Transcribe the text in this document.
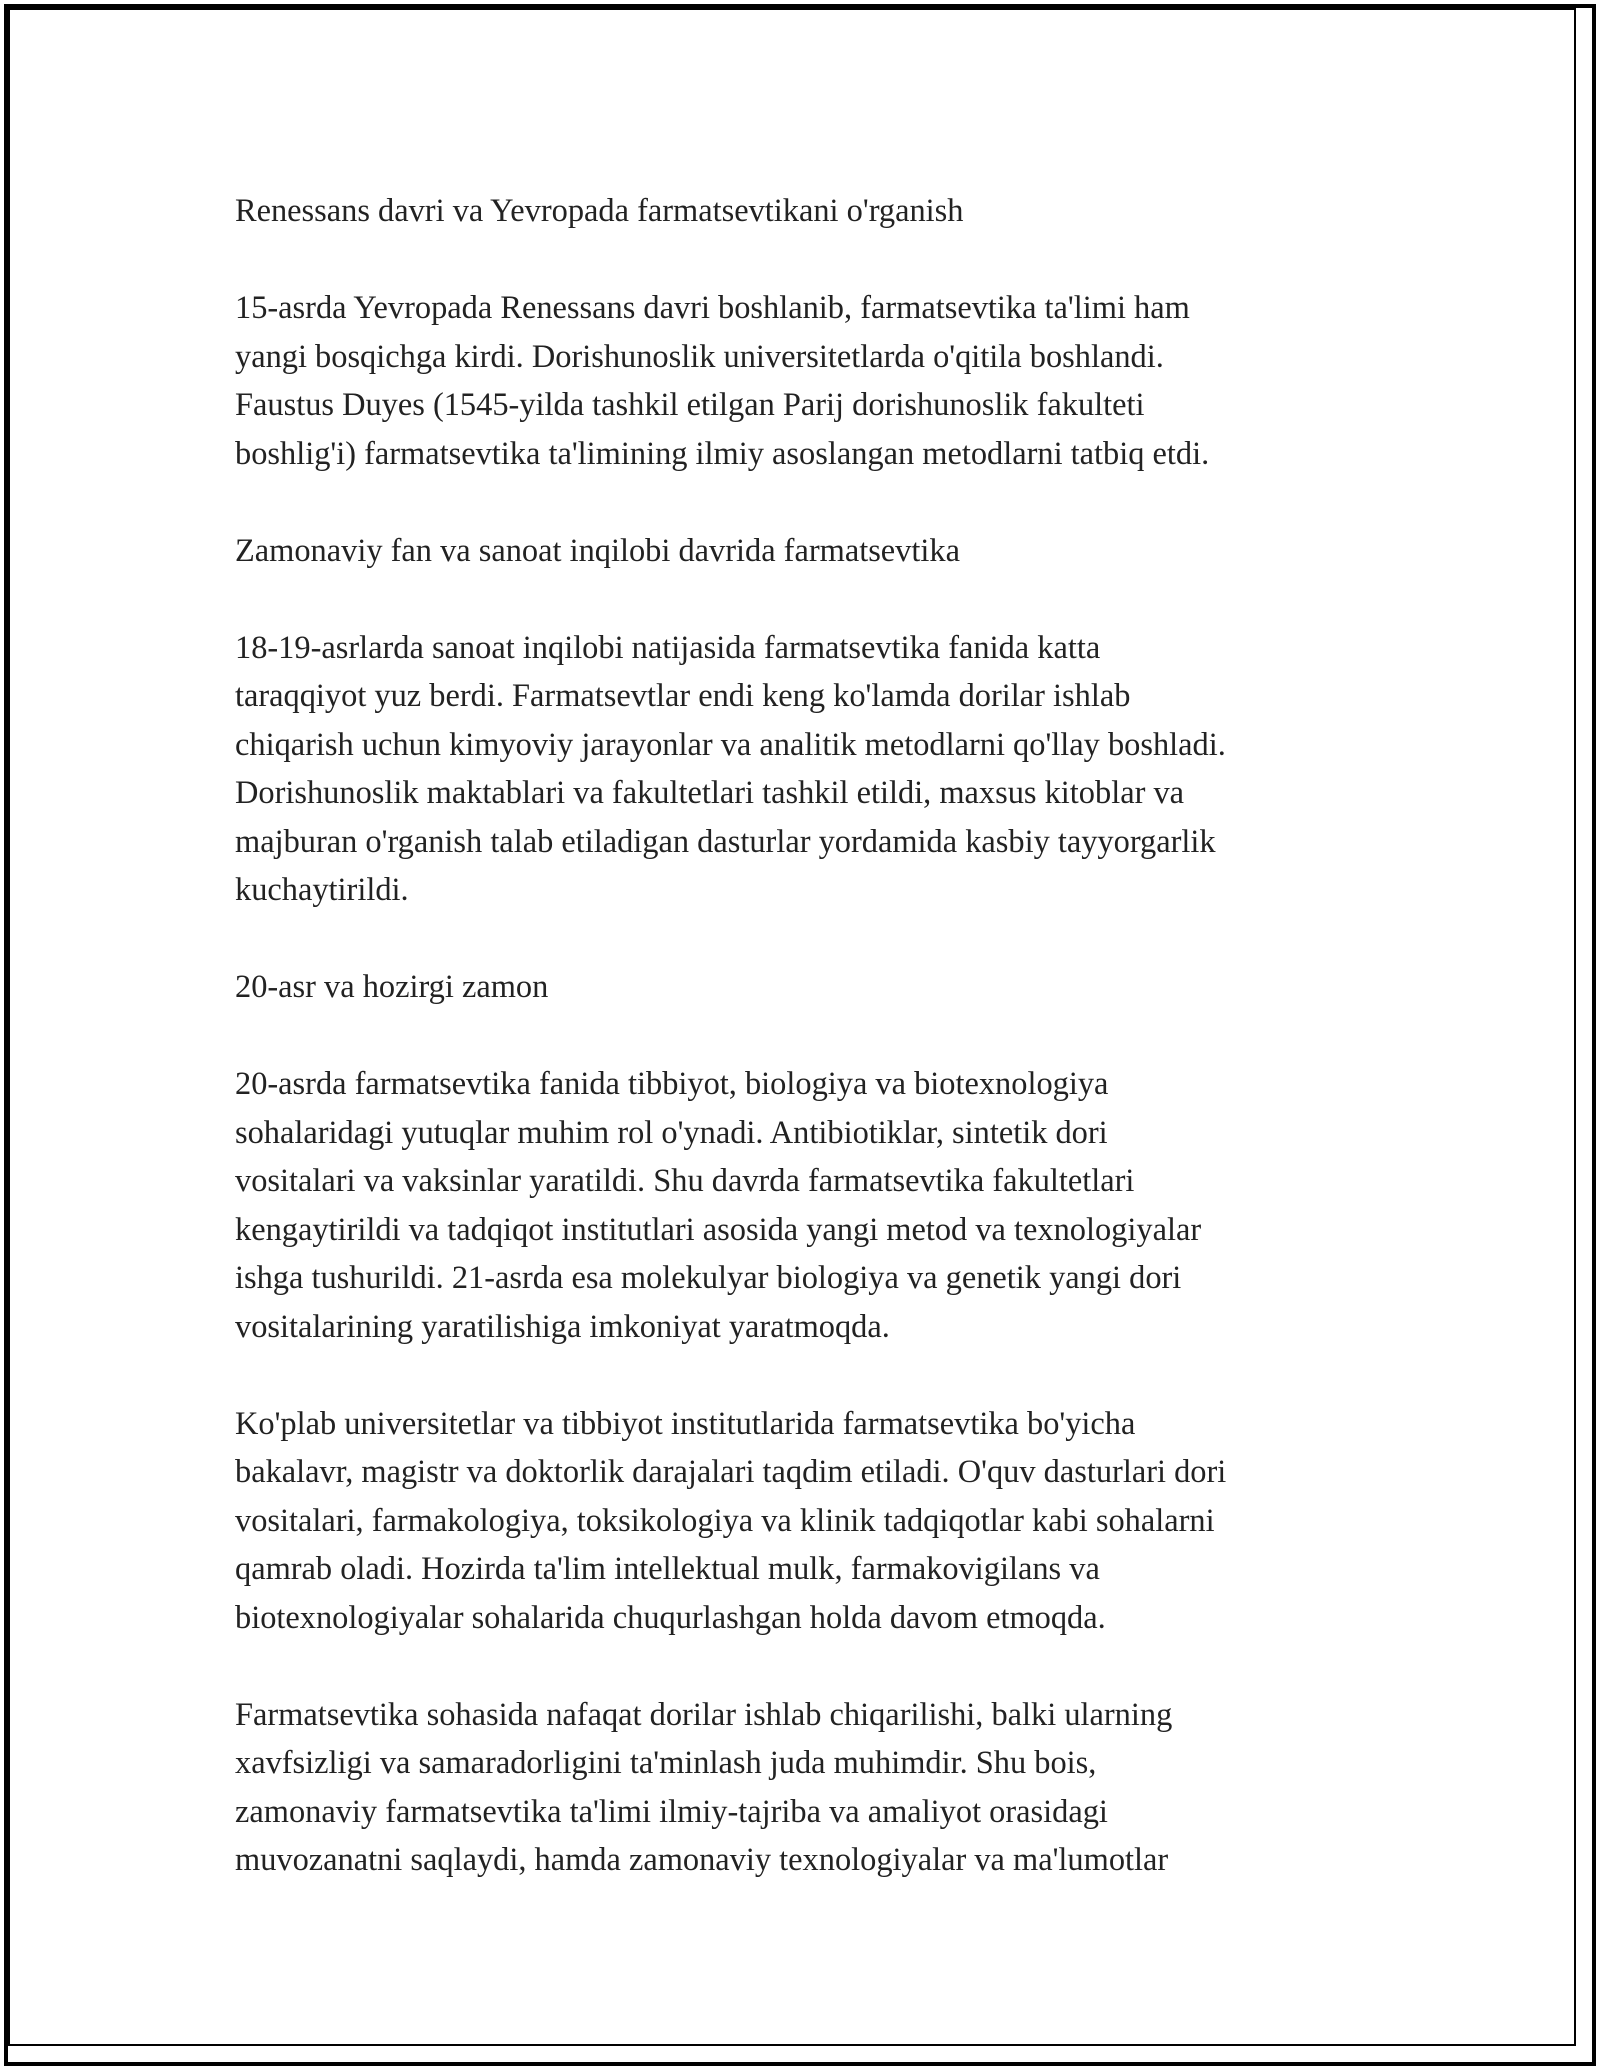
Renessans davri va Yevropada farmatsevtikani o'rganish

15-asrda Yevropada Renessans davri boshlanib, farmatsevtika ta'limi ham
yangi bosqichga kirdi. Dorishunoslik universitetlarda o'qitila boshlandi.
Faustus Duyes (1545-yilda tashkil etilgan Parij dorishunoslik fakulteti
boshlig'i) farmatsevtika ta'limining ilmiy asoslangan metodlarni tatbiq etdi.

Zamonaviy fan va sanoat inqilobi davrida farmatsevtika

18-19-asrlarda sanoat inqilobi natijasida farmatsevtika fanida katta
taraqqiyot yuz berdi. Farmatsevtlar endi keng ko'lamda dorilar ishlab
chiqarish uchun kimyoviy jarayonlar va analitik metodlarni qo'llay boshladi.
Dorishunoslik maktablari va fakultetlari tashkil etildi, maxsus kitoblar va
majburan o'rganish talab etiladigan dasturlar yordamida kasbiy tayyorgarlik
kuchaytirildi.

20-asr va hozirgi zamon

20-asrda farmatsevtika fanida tibbiyot, biologiya va biotexnologiya
sohalaridagi yutuqlar muhim rol o'ynadi. Antibiotiklar, sintetik dori
vositalari va vaksinlar yaratildi. Shu davrda farmatsevtika fakultetlari
kengaytirildi va tadqiqot institutlari asosida yangi metod va texnologiyalar
ishga tushurildi. 21-asrda esa molekulyar biologiya va genetik yangi dori
vositalarining yaratilishiga imkoniyat yaratmoqda.

Ko'plab universitetlar va tibbiyot institutlarida farmatsevtika bo'yicha
bakalavr, magistr va doktorlik darajalari taqdim etiladi. O'quv dasturlari dori
vositalari, farmakologiya, toksikologiya va klinik tadqiqotlar kabi sohalarni
qamrab oladi. Hozirda ta'lim intellektual mulk, farmakovigilans va
biotexnologiyalar sohalarida chuqurlashgan holda davom etmoqda.

Farmatsevtika sohasida nafaqat dorilar ishlab chiqarilishi, balki ularning
xavfsizligi va samaradorligini ta'minlash juda muhimdir. Shu bois,
zamonaviy farmatsevtika ta'limi ilmiy-tajriba va amaliyot orasidagi
muvozanatni saqlaydi, hamda zamonaviy texnologiyalar va ma'lumotlar
